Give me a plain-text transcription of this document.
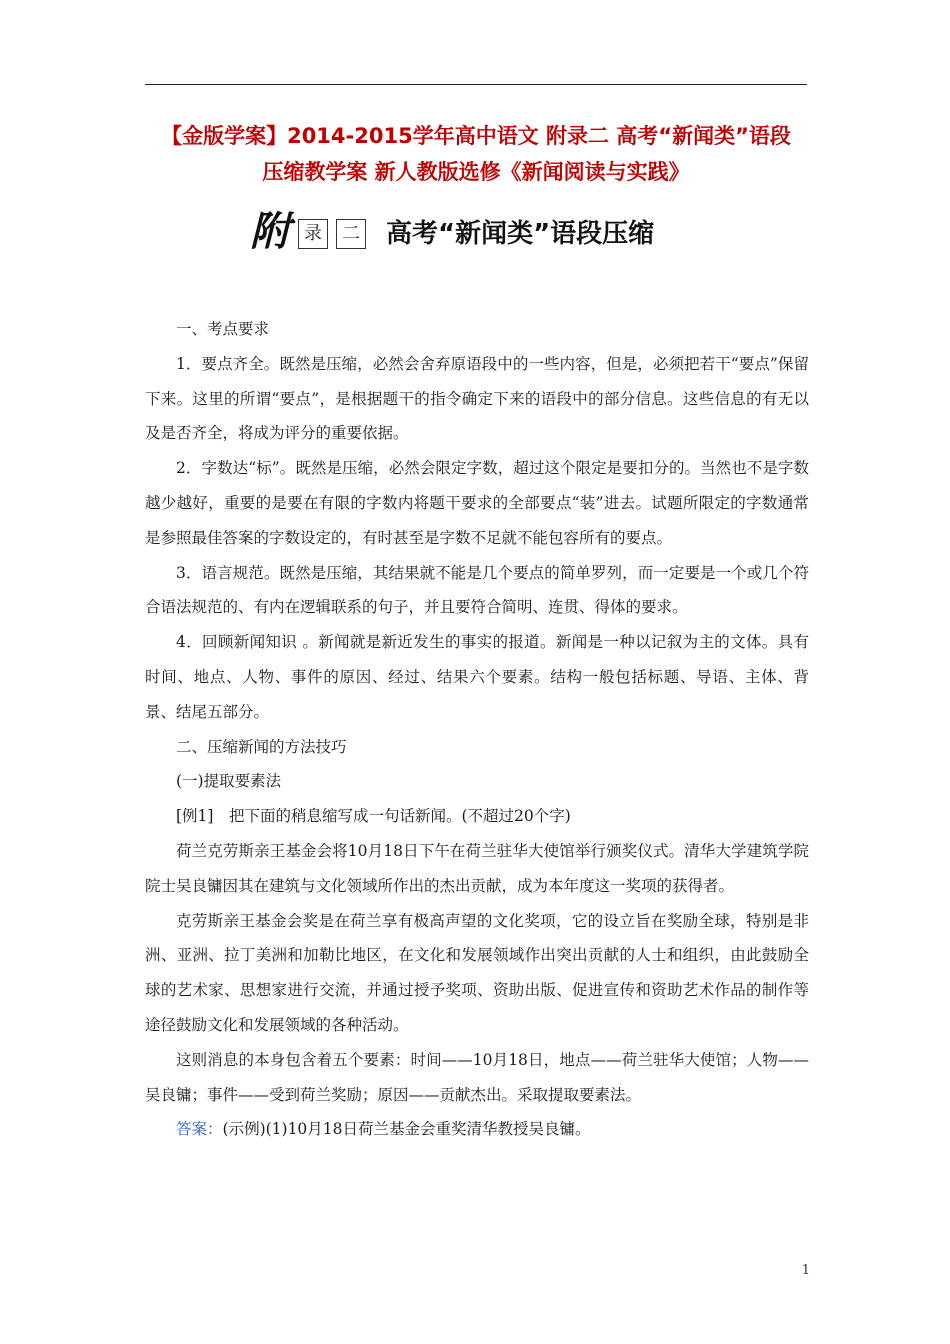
【金版学案】2014-2015学年高中语文 附录二 高考“新闻类”语段
压缩教学案 新人教版选修《新闻阅读与实践》
附 录	二 高考“新闻类”语段压缩

一、考点要求

1．要点齐全。既然是压缩，必然会舍弃原语段中的一些内容，但是，必须把若干“要点”保留下来。这里的所谓“要点”，是根据题干的指令确定下来的语段中的部分信息。这些信息的有无以及是否齐全，将成为评分的重要依据。

2．字数达“标”。既然是压缩，必然会限定字数，超过这个限定是要扣分的。当然也不是字数越少越好，重要的是要在有限的字数内将题干要求的全部要点“装”进去。试题所限定的字数通常是参照最佳答案的字数设定的，有时甚至是字数不足就不能包容所有的要点。

3．语言规范。既然是压缩，其结果就不能是几个要点的简单罗列，而一定要是一个或几个符合语法规范的、有内在逻辑联系的句子，并且要符合简明、连贯、得体的要求。

4．回顾新闻知识 。新闻就是新近发生的事实的报道。新闻是一种以记叙为主的文体。具有时间、地点、人物、事件的原因、经过、结果六个要素。结构一般包括标题、导语、主体、背景、结尾五部分。

二、压缩新闻的方法技巧

(一)提取要素法

[例1]　把下面的稍息缩写成一句话新闻。(不超过20个字)

荷兰克劳斯亲王基金会将10月18日下午在荷兰驻华大使馆举行颁奖仪式。清华大学建筑学院院士吴良镛因其在建筑与文化领域所作出的杰出贡献，成为本年度这一奖项的获得者。

克劳斯亲王基金会奖是在荷兰享有极高声望的文化奖项，它的设立旨在奖励全球，特别是非洲、亚洲、拉丁美洲和加勒比地区，在文化和发展领域作出突出贡献的人士和组织，由此鼓励全球的艺术家、思想家进行交流，并通过授予奖项、资助出版、促进宣传和资助艺术作品的制作等途径鼓励文化和发展领域的各种活动。

这则消息的本身包含着五个要素：时间——10月18日，地点——荷兰驻华大使馆；人物——吴良镛；事件——受到荷兰奖励；原因——贡献杰出。采取提取要素法。

答案：(示例)(1)10月18日荷兰基金会重奖清华教授吴良镛。

1
